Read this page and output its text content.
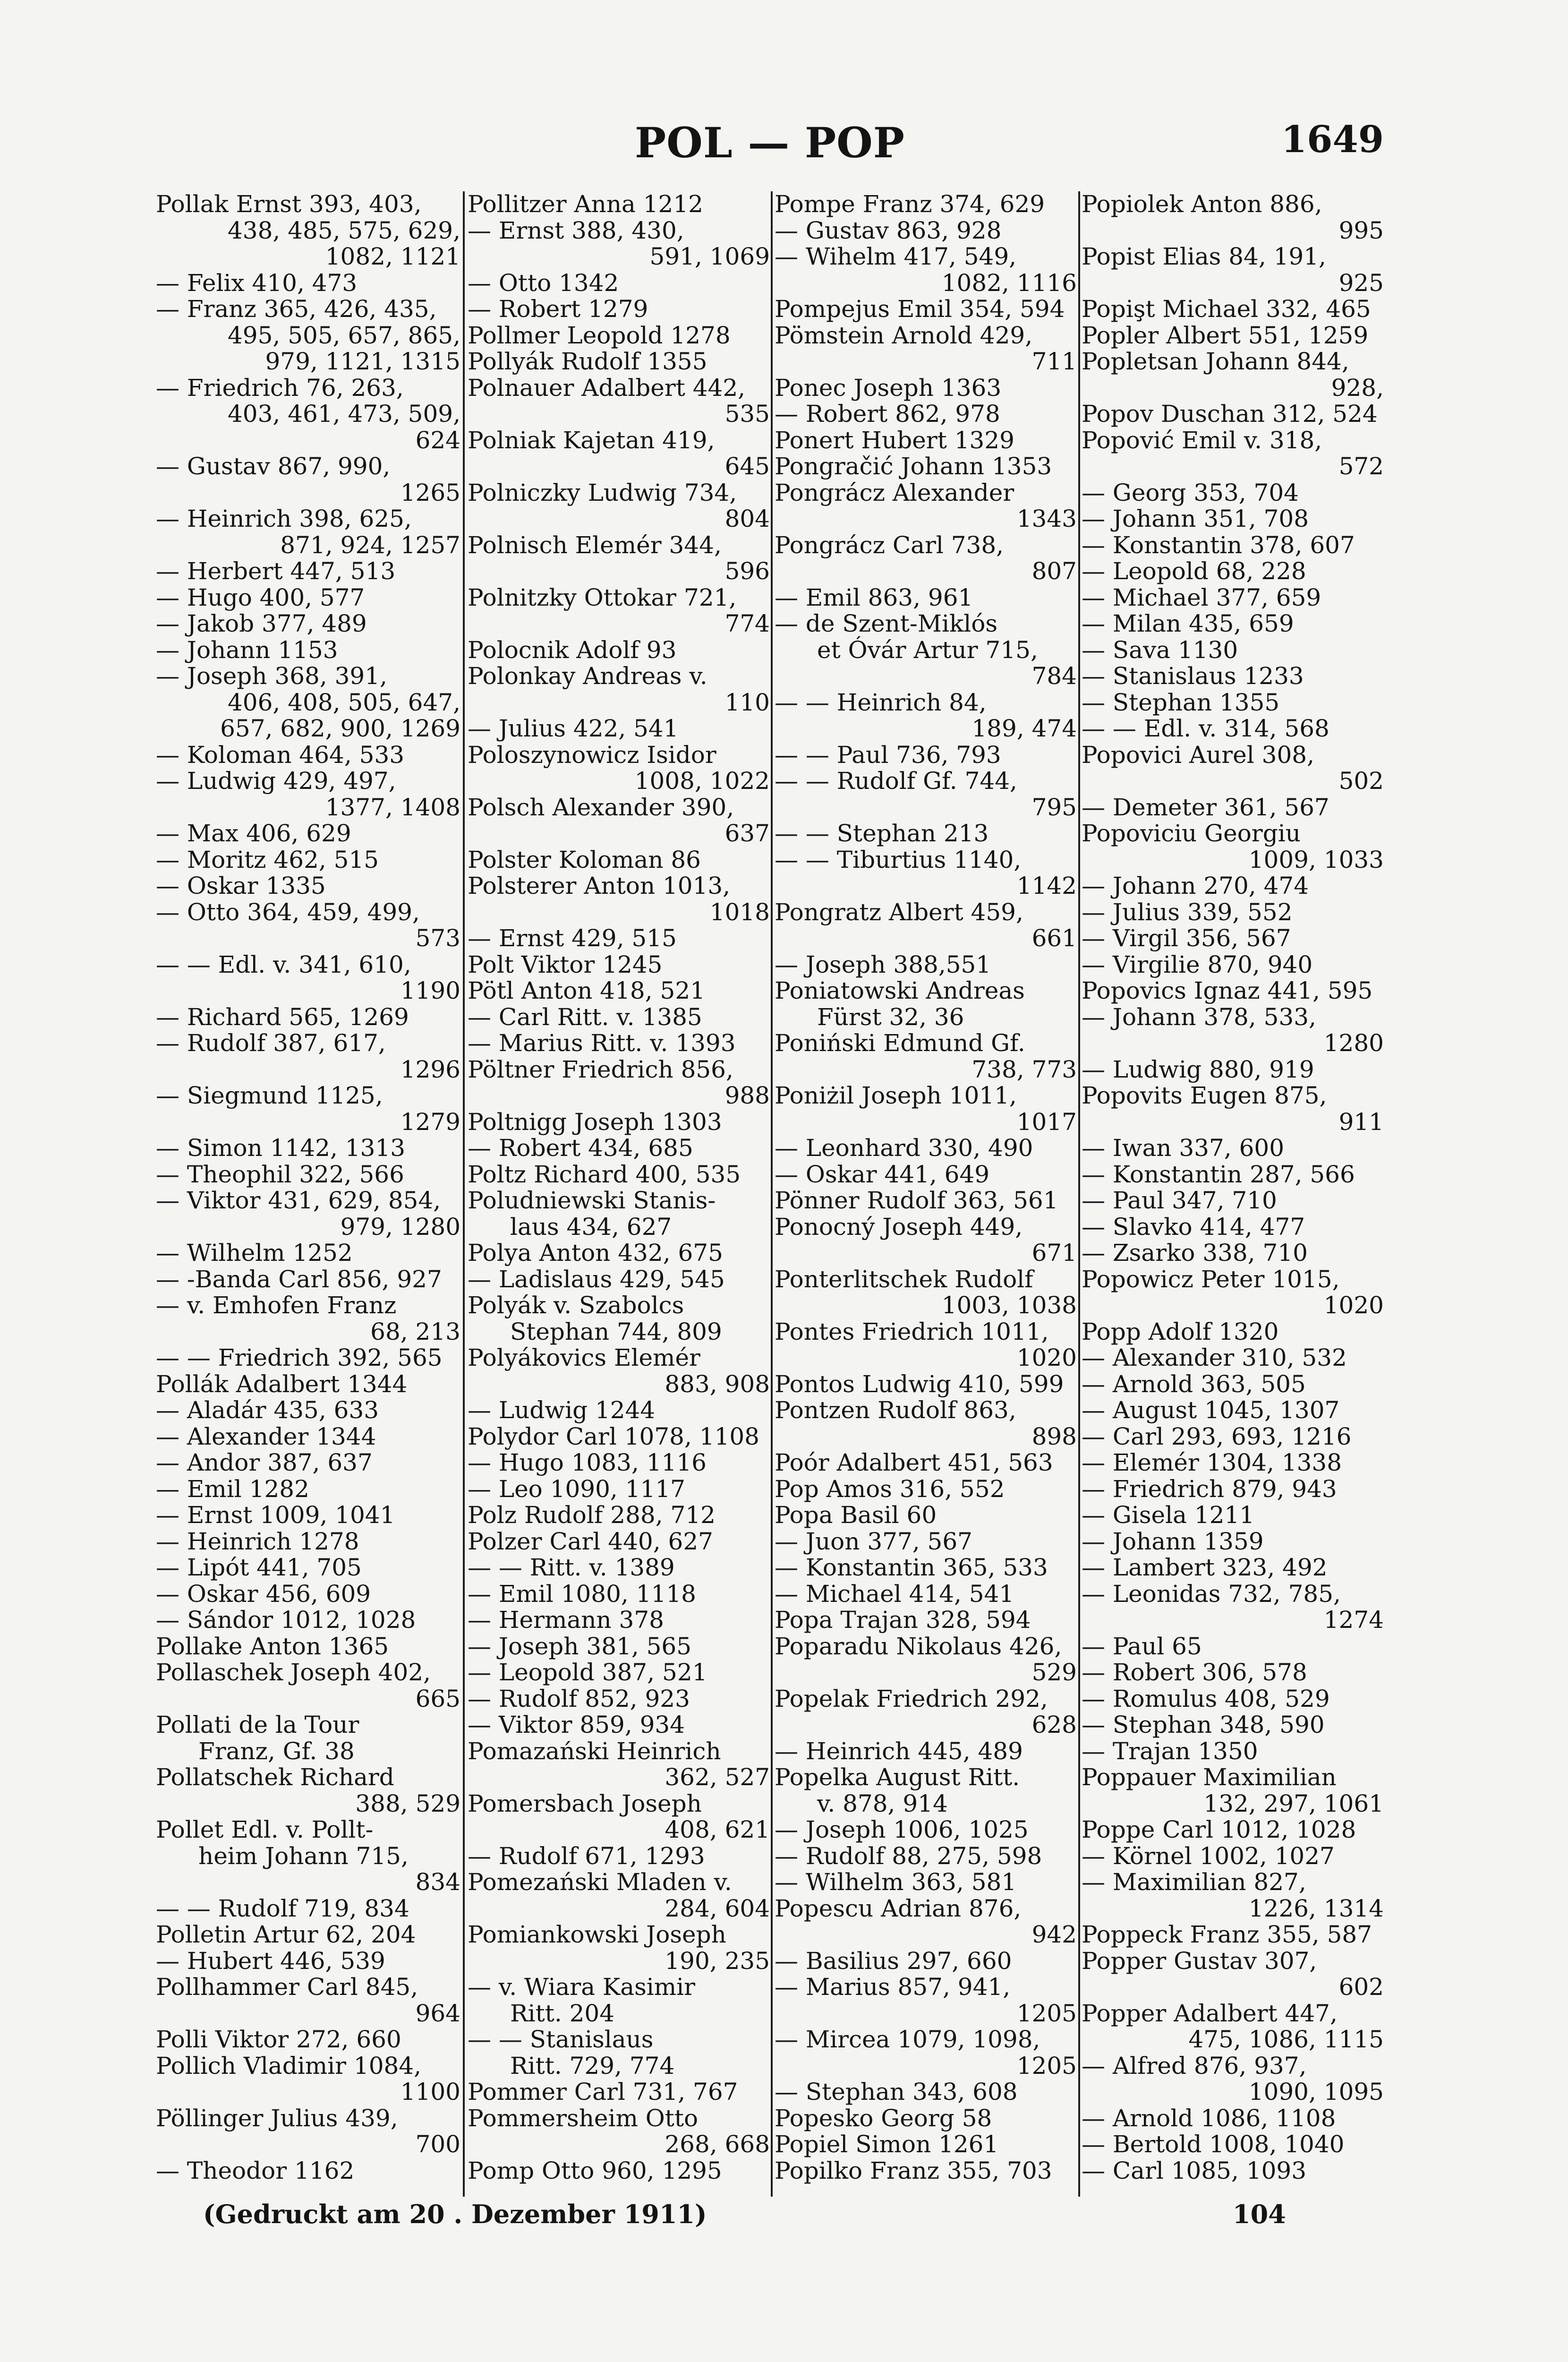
POL — POP	1649
Pollak Ernst 393, 403,
438, 485, 575, 629,
1082, 1121
— Felix 410, 473
— Franz 365, 426, 435,
495, 505, 657, 865,
979, 1121, 1315
— Friedrich 76, 263,
403, 461, 473, 509,
624
— Gustav 867, 990,
1265
— Heinrich 398, 625,
871, 924, 1257
— Herbert 447, 513
— Hugo 400, 577
— Jakob 377, 489
— Johann 1153
— Joseph 368, 391,
406, 408, 505, 647,
657, 682, 900, 1269
— Koloman 464, 533
— Ludwig 429, 497,
1377, 1408
— Max 406, 629
— Moritz 462, 515
— Oskar 1335
— Otto 364, 459, 499,
573
— — Edl. v. 341, 610,
1190
— Richard 565, 1269
— Rudolf 387, 617,
1296
— Siegmund 1125,
1279
— Simon 1142, 1313
— Theophil 322, 566
— Viktor 431, 629, 854,
979, 1280
— Wilhelm 1252
— -Banda Carl 856, 927
— v. Emhofen Franz
68, 213
— — Friedrich 392, 565
Pollák Adalbert 1344
— Aladár 435, 633
— Alexander 1344
— Andor 387, 637
— Emil 1282
— Ernst 1009, 1041
— Heinrich 1278
— Lipót 441, 705
— Oskar 456, 609
— Sándor 1012, 1028
Pollake Anton 1365
Pollaschek Joseph 402,
665
Pollati de la Tour
Franz, Gf. 38
Pollatschek Richard
388, 529
Pollet Edl. v. Pollt-
heim Johann 715,
834
— — Rudolf 719, 834
Polletin Artur 62, 204
— Hubert 446, 539
Pollhammer Carl 845,
964
Polli Viktor 272, 660
Pollich Vladimir 1084,
1100
Pöllinger Julius 439,
700
— Theodor 1162
Pollitzer Anna 1212
— Ernst 388, 430,
591, 1069
— Otto 1342
— Robert 1279
Pollmer Leopold 1278
Pollyák Rudolf 1355
Polnauer Adalbert 442,
535
Polniak Kajetan 419,
645
Polniczky Ludwig 734,
804
Polnisch Elemér 344,
596
Polnitzky Ottokar 721,
774
Polocnik Adolf 93
Polonkay Andreas v.
110
— Julius 422, 541
Poloszynowicz Isidor
1008, 1022
Polsch Alexander 390,
637
Polster Koloman 86
Polsterer Anton 1013,
1018
— Ernst 429, 515
Polt Viktor 1245
Pötl Anton 418, 521
— Carl Ritt. v. 1385
— Marius Ritt. v. 1393
Pöltner Friedrich 856,
988
Poltnigg Joseph 1303
— Robert 434, 685
Poltz Richard 400, 535
Poludniewski Stanis-
laus 434, 627
Polya Anton 432, 675
— Ladislaus 429, 545
Polyák v. Szabolcs
Stephan 744, 809
Polyákovics Elemér
883, 908
— Ludwig 1244
Polydor Carl 1078, 1108
— Hugo 1083, 1116
— Leo 1090, 1117
Polz Rudolf 288, 712
Polzer Carl 440, 627
— — Ritt. v. 1389
— Emil 1080, 1118
— Hermann 378
— Joseph 381, 565
— Leopold 387, 521
— Rudolf 852, 923
— Viktor 859, 934
Pomazański Heinrich
362, 527
Pomersbach Joseph
408, 621
— Rudolf 671, 1293
Pomezański Mladen v.
284, 604
Pomiankowski Joseph
190, 235
— v. Wiara Kasimir
Ritt. 204
— — Stanislaus
Ritt. 729, 774
Pommer Carl 731, 767
Pommersheim Otto
268, 668
Pomp Otto 960, 1295
Pompe Franz 374, 629
— Gustav 863, 928
— Wihelm 417, 549,
1082, 1116
Pompejus Emil 354, 594
Pömstein Arnold 429,
711
Ponec Joseph 1363
— Robert 862, 978
Ponert Hubert 1329
Pongračić Johann 1353
Pongrácz Alexander
1343
Pongrácz Carl 738,
807
— Emil 863, 961
— de Szent-Miklós
et Óvár Artur 715,
784
— — Heinrich 84,
189, 474
— — Paul 736, 793
— — Rudolf Gf. 744,
795
— — Stephan 213
— — Tiburtius 1140,
1142
Pongratz Albert 459,
661
— Joseph 388,551
Poniatowski Andreas
Fürst 32, 36
Poniński Edmund Gf.
738, 773
Poniżil Joseph 1011,
1017
— Leonhard 330, 490
— Oskar 441, 649
Pönner Rudolf 363, 561
Ponocný Joseph 449,
671
Ponterlitschek Rudolf
1003, 1038
Pontes Friedrich 1011,
1020
Pontos Ludwig 410, 599
Pontzen Rudolf 863,
898
Poór Adalbert 451, 563
Pop Amos 316, 552
Popa Basil 60
— Juon 377, 567
— Konstantin 365, 533
— Michael 414, 541
Popa Trajan 328, 594
Poparadu Nikolaus 426,
529
Popelak Friedrich 292,
628
— Heinrich 445, 489
Popelka August Ritt.
v. 878, 914
— Joseph 1006, 1025
— Rudolf 88, 275, 598
— Wilhelm 363, 581
Popescu Adrian 876,
942
— Basilius 297, 660
— Marius 857, 941,
1205
— Mircea 1079, 1098,
1205
— Stephan 343, 608
Popesko Georg 58
Popiel Simon 1261
Popilko Franz 355, 703
Popiolek Anton 886,
995
Popist Elias 84, 191,
925
Popişt Michael 332, 465
Popler Albert 551, 1259
Popletsan Johann 844,
928,
Popov Duschan 312, 524
Popović Emil v. 318,
572
— Georg 353, 704
— Johann 351, 708
— Konstantin 378, 607
— Leopold 68, 228
— Michael 377, 659
— Milan 435, 659
— Sava 1130
— Stanislaus 1233
— Stephan 1355
— — Edl. v. 314, 568
Popovici Aurel 308,
502
— Demeter 361, 567
Popoviciu Georgiu
1009, 1033
— Johann 270, 474
— Julius 339, 552
— Virgil 356, 567
— Virgilie 870, 940
Popovics Ignaz 441, 595
— Johann 378, 533,
1280
— Ludwig 880, 919
Popovits Eugen 875,
911
— Iwan 337, 600
— Konstantin 287, 566
— Paul 347, 710
— Slavko 414, 477
— Zsarko 338, 710
Popowicz Peter 1015,
1020
Popp Adolf 1320
— Alexander 310, 532
— Arnold 363, 505
— August 1045, 1307
— Carl 293, 693, 1216
— Elemér 1304, 1338
— Friedrich 879, 943
— Gisela 1211
— Johann 1359
— Lambert 323, 492
— Leonidas 732, 785,
1274
— Paul 65
— Robert 306, 578
— Romulus 408, 529
— Stephan 348, 590
— Trajan 1350
Poppauer Maximilian
132, 297, 1061
Poppe Carl 1012, 1028
— Körnel 1002, 1027
— Maximilian 827,
1226, 1314
Poppeck Franz 355, 587
Popper Gustav 307,
602
Popper Adalbert 447,
475, 1086, 1115
— Alfred 876, 937,
1090, 1095
— Arnold 1086, 1108
— Bertold 1008, 1040
— Carl 1085, 1093
(Gedruckt am 20 . Dezember 1911)	104
